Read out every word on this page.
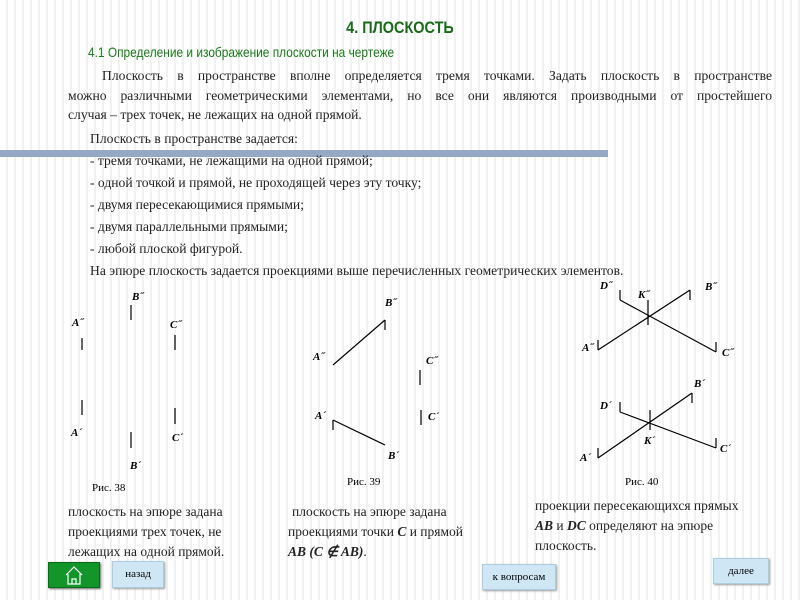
4. ПЛОСКОСТЬ
4.1 Определение и изображение плоскости на чертеже
Плоскость в пространстве вполне определяется тремя точками. Задать плоскость в пространстве
можно различными геометрическими элементами, но все они являются производными от простейшего
случая – трех точек, не лежащих на одной прямой.
Плоскость в пространстве задается:
- тремя точками, не лежащими на одной прямой;
- одной точкой и прямой, не проходящей через эту точку;
- двумя пересекающимися прямыми;
- двумя параллельными прямыми;
- любой плоской фигурой.
На эпюре плоскость задается проекциями выше перечисленных геометрических элементов.
A˝
B˝
C˝
A´
B´
C´
B˝
A˝	C˝
A´	C´
B´
D˝
K˝
B˝
A˝	C˝
B´
D´
K´
A´
C´
Рис. 38	Рис. 39	Рис. 40
плоскость на эпюре задана
проекциями трех точек, не
лежащих на одной прямой.
плоскость на эпюре задана
проекциями точки C и прямой
AB (C ∉ AB).
проекции пересекающихся прямых
AB и DC определяют на эпюре
плоскость.
назад	к вопросам	далее
